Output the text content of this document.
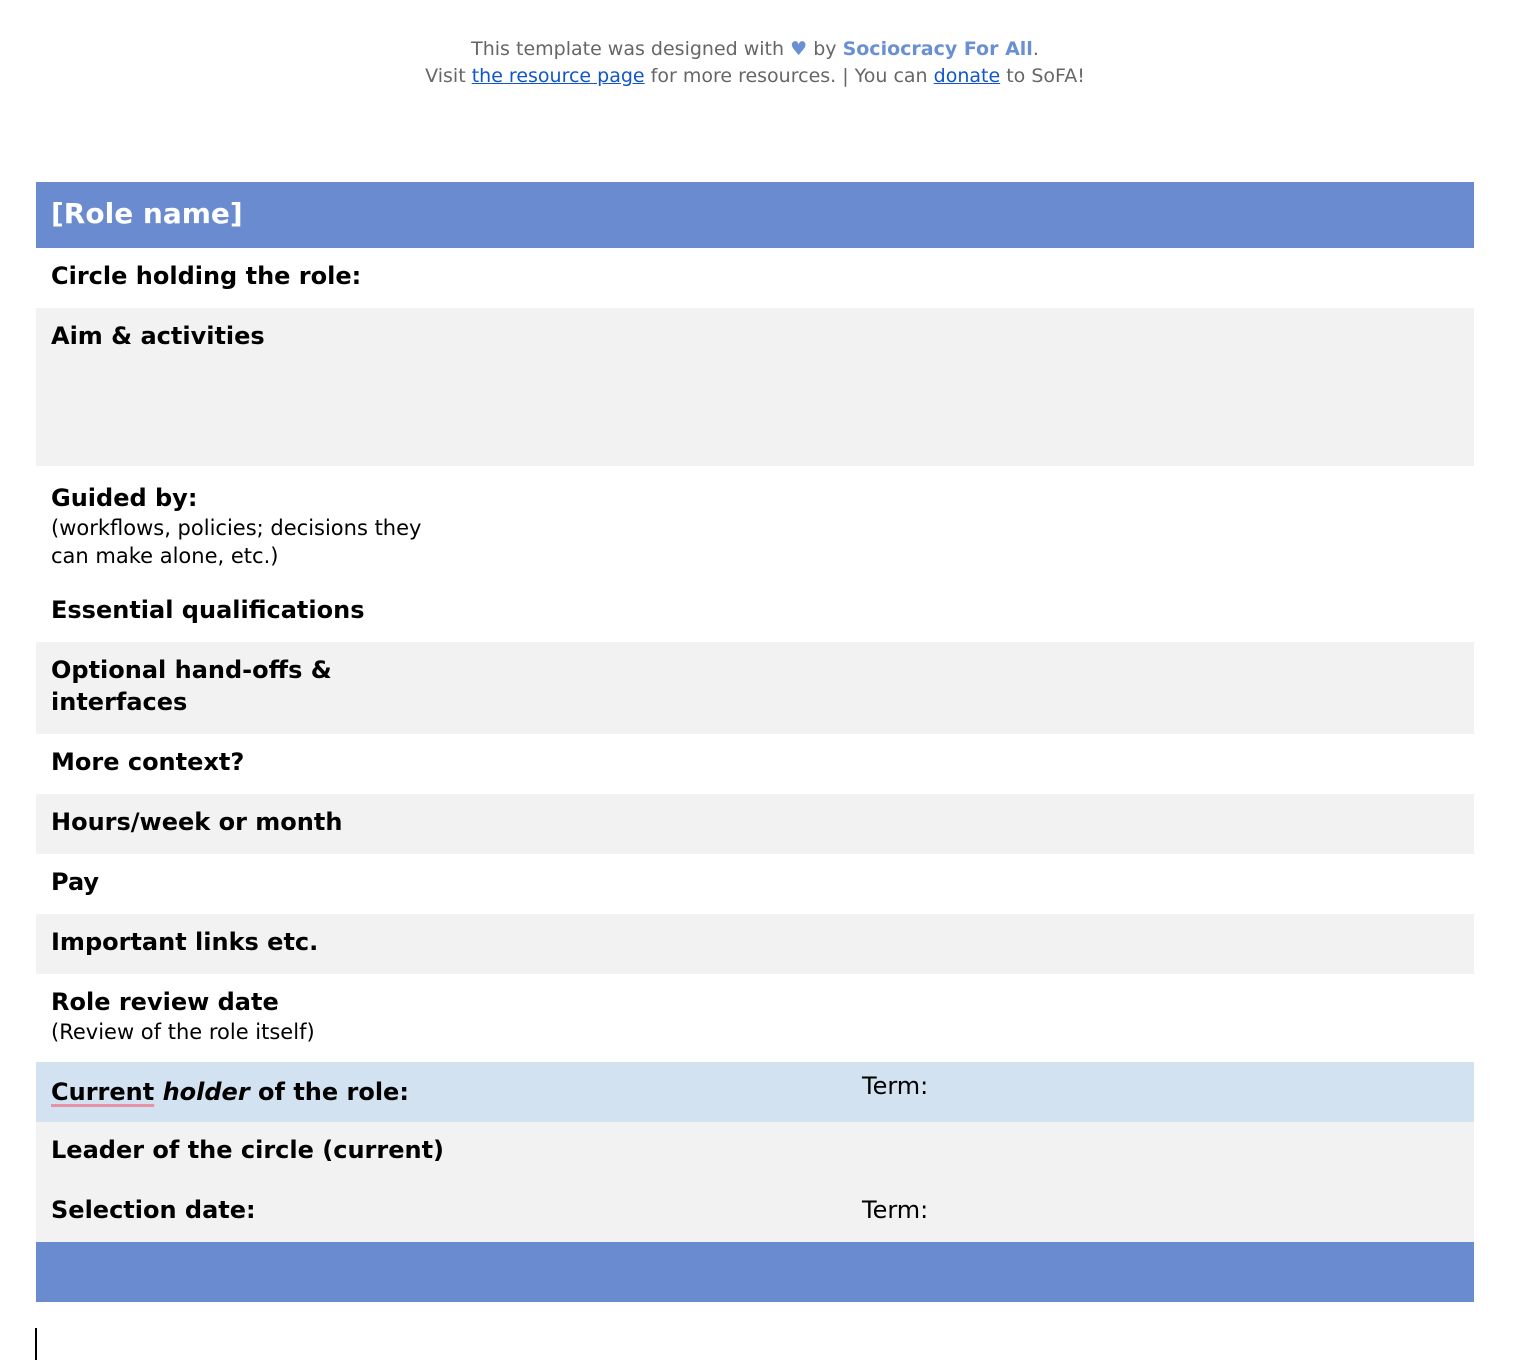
This template was designed with ♥ by Sociocracy For All.
Visit the resource page for more resources. | You can donate to SoFA!
[Role name]
Circle holding the role:
Aim & activities
Guided by:
(workflows, policies; decisions they
can make alone, etc.)
Essential qualifications
Optional hand-offs &
interfaces
More context?
Hours/week or month
Pay
Important links etc.
Role review date
(Review of the role itself)
Current holder of the role:	Term:
Leader of the circle (current)
Selection date:	Term:
